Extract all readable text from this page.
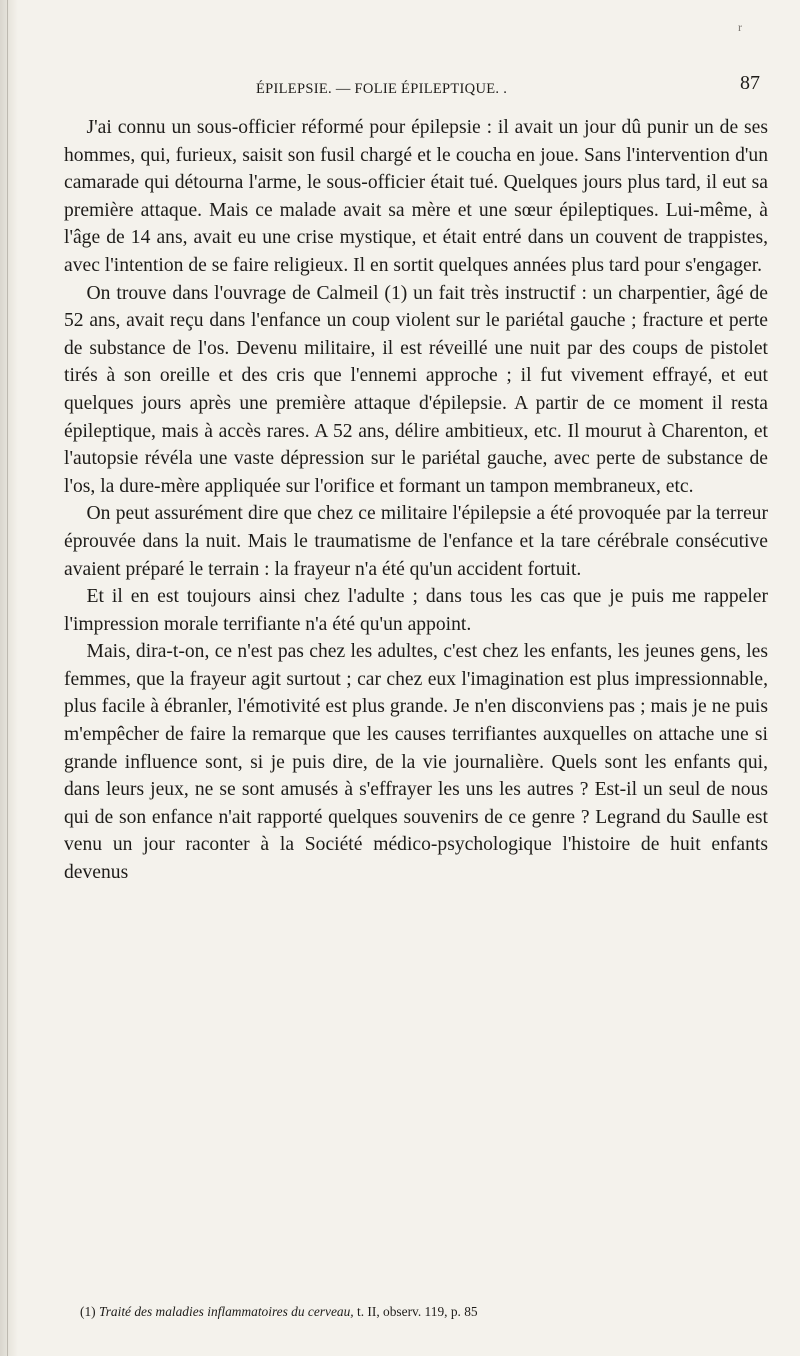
r
ÉPILEPSIE. — FOLIE ÉPILEPTIQUE. .	87

J'ai connu un sous-officier réformé pour épilepsie : il avait un jour dû punir un de ses hommes, qui, furieux, saisit son fusil chargé et le coucha en joue. Sans l'intervention d'un camarade qui détourna l'arme, le sous-officier était tué. Quelques jours plus tard, il eut sa première attaque. Mais ce malade avait sa mère et une sœur épileptiques. Lui-même, à l'âge de 14 ans, avait eu une crise mystique, et était entré dans un couvent de trappistes, avec l'intention de se faire religieux. Il en sortit quelques années plus tard pour s'engager.

On trouve dans l'ouvrage de Calmeil (1) un fait très instructif : un charpentier, âgé de 52 ans, avait reçu dans l'enfance un coup violent sur le pariétal gauche ; fracture et perte de substance de l'os. Devenu militaire, il est réveillé une nuit par des coups de pistolet tirés à son oreille et des cris que l'ennemi approche ; il fut vivement effrayé, et eut quelques jours après une première attaque d'épilepsie. A partir de ce moment il resta épileptique, mais à accès rares. A 52 ans, délire ambitieux, etc. Il mourut à Charenton, et l'autopsie révéla une vaste dépression sur le pariétal gauche, avec perte de substance de l'os, la dure-mère appliquée sur l'orifice et formant un tampon membraneux, etc.

On peut assurément dire que chez ce militaire l'épilepsie a été provoquée par la terreur éprouvée dans la nuit. Mais le traumatisme de l'enfance et la tare cérébrale consécutive avaient préparé le terrain : la frayeur n'a été qu'un accident fortuit.

Et il en est toujours ainsi chez l'adulte ; dans tous les cas que je puis me rappeler l'impression morale terrifiante n'a été qu'un appoint.

Mais, dira-t-on, ce n'est pas chez les adultes, c'est chez les enfants, les jeunes gens, les femmes, que la frayeur agit surtout ; car chez eux l'imagination est plus impressionnable, plus facile à ébranler, l'émotivité est plus grande. Je n'en disconviens pas ; mais je ne puis m'empêcher de faire la remarque que les causes terrifiantes auxquelles on attache une si grande influence sont, si je puis dire, de la vie journalière. Quels sont les enfants qui, dans leurs jeux, ne se sont amusés à s'effrayer les uns les autres ? Est-il un seul de nous qui de son enfance n'ait rapporté quelques souvenirs de ce genre ? Legrand du Saulle est venu un jour raconter à la Société médico-psychologique l'histoire de huit enfants devenus

(1) Traité des maladies inflammatoires du cerveau, t. II, observ. 119, p. 85
